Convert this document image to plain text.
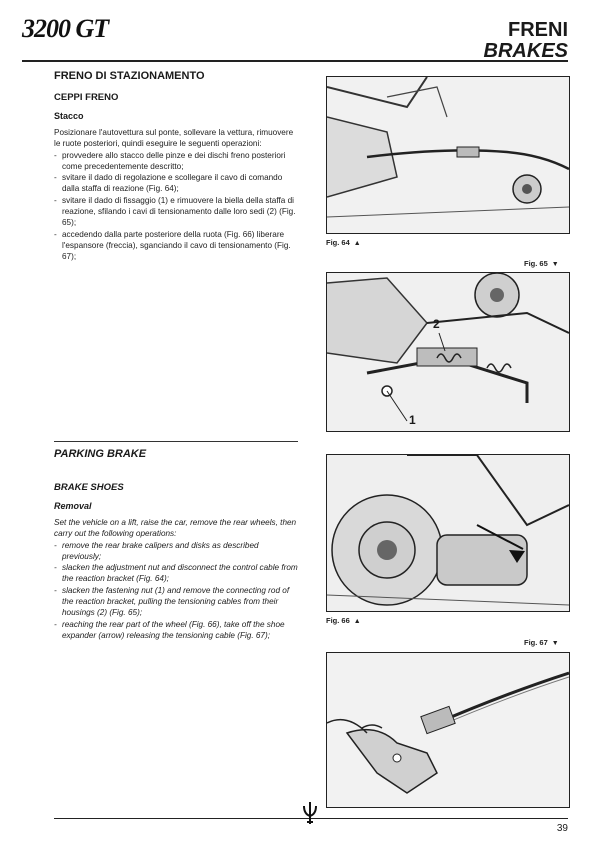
3200 GT	FRENI
BRAKES
FRENO DI STAZIONAMENTO
CEPPI FRENO
Stacco

Posizionare l'autovettura sul ponte, sollevare la vettura, rimuovere le ruote posteriori, quindi eseguire le seguenti operazioni:

- provvedere allo stacco delle pinze e dei dischi freno posteriori come precedentemente descritto;
- svitare il dado di regolazione e scollegare il cavo di comando dalla staffa di reazione (Fig. 64);
- svitare il dado di fissaggio (1) e rimuovere la biella della staffa di reazione, sfilando i cavi di tensionamento dalle loro sedi (2) (Fig. 65);
- accedendo dalla parte posteriore della ruota (Fig. 66) liberare l'espansore (freccia), sganciando il cavo di tensionamento (Fig. 67);
PARKING BRAKE
BRAKE SHOES
Removal

Set the vehicle on a lift, raise the car, remove the rear wheels, then carry out the following operations:

- remove the rear brake calipers and disks as described previously;
- slacken the adjustment nut and disconnect the control cable from the reaction bracket (Fig. 64);
- slacken the fastening nut (1) and remove the connecting rod of the reaction bracket, pulling the tensioning cables from their housings (2) (Fig. 65);
- reaching the rear part of the wheel (Fig. 66), take off the shoe expander (arrow) releasing the tensioning cable (Fig. 67);
Fig. 64 ▲
Fig. 65 ▼
2
1
Fig. 66 ▲
Fig. 67 ▼
39
